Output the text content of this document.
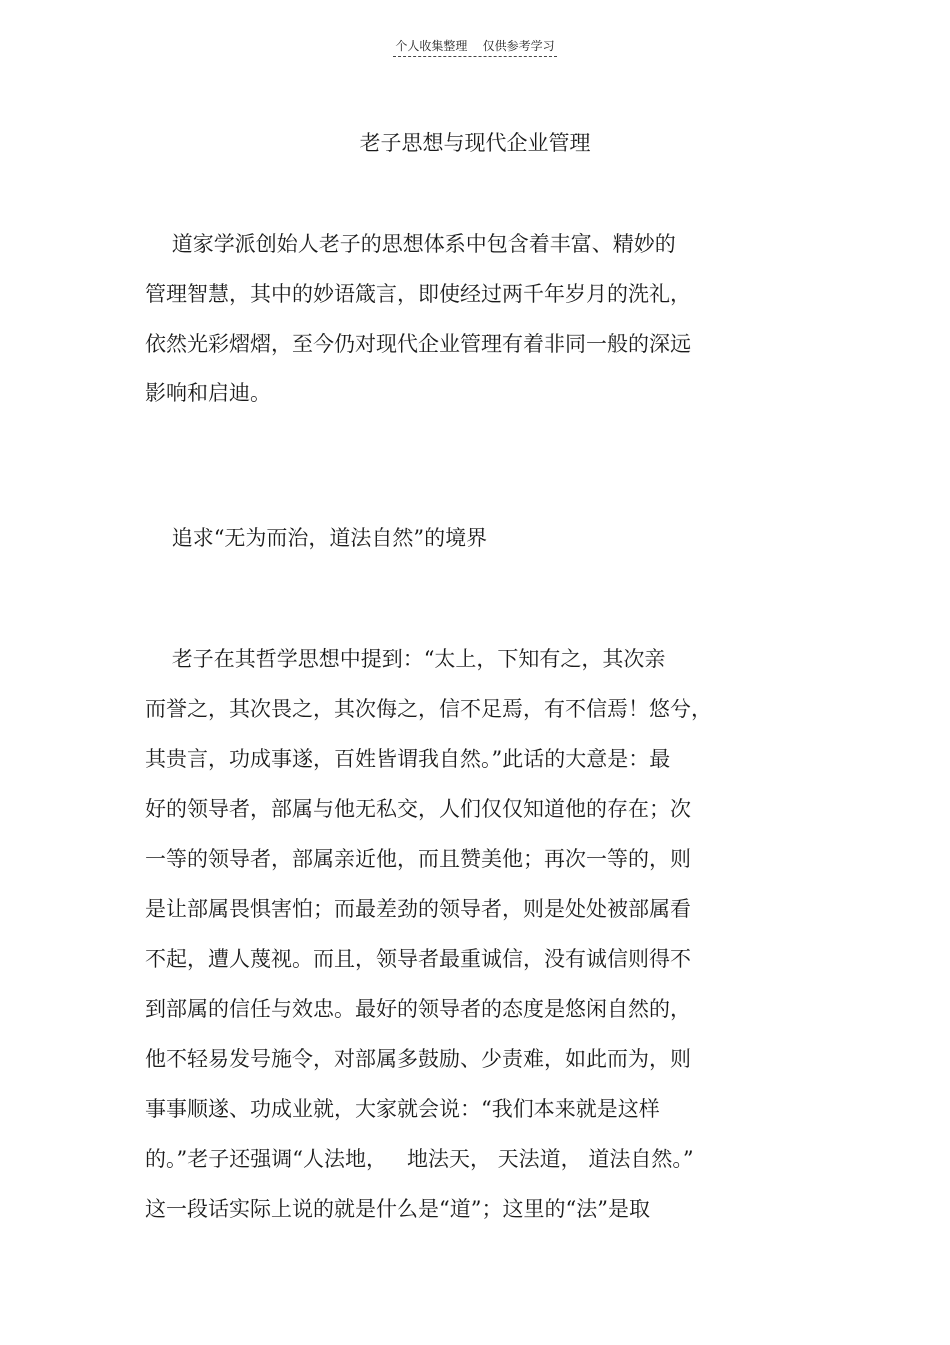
个人收集整理    仅供参考学习
老子思想与现代企业管理
道家学派创始人老子的思想体系中包含着丰富、精妙的
管理智慧，其中的妙语箴言，即使经过两千年岁月的洗礼，
依然光彩熠熠，至今仍对现代企业管理有着非同一般的深远
影响和启迪。
追求“无为而治，道法自然”的境界
老子在其哲学思想中提到：“太上，下知有之，其次亲
而誉之，其次畏之，其次侮之，信不足焉，有不信焉！悠兮，
其贵言，功成事遂，百姓皆谓我自然。”此话的大意是：最
好的领导者，部属与他无私交，人们仅仅知道他的存在；次
一等的领导者，部属亲近他，而且赞美他；再次一等的，则
是让部属畏惧害怕；而最差劲的领导者，则是处处被部属看
不起，遭人蔑视。而且，领导者最重诚信，没有诚信则得不
到部属的信任与效忠。最好的领导者的态度是悠闲自然的，
他不轻易发号施令，对部属多鼓励、少责难，如此而为，则
事事顺遂、功成业就，大家就会说：“我们本来就是这样
的。”老子还强调“人法地，   地法天， 天法道， 道法自然。”
这一段话实际上说的就是什么是“道”；这里的“法”是取
